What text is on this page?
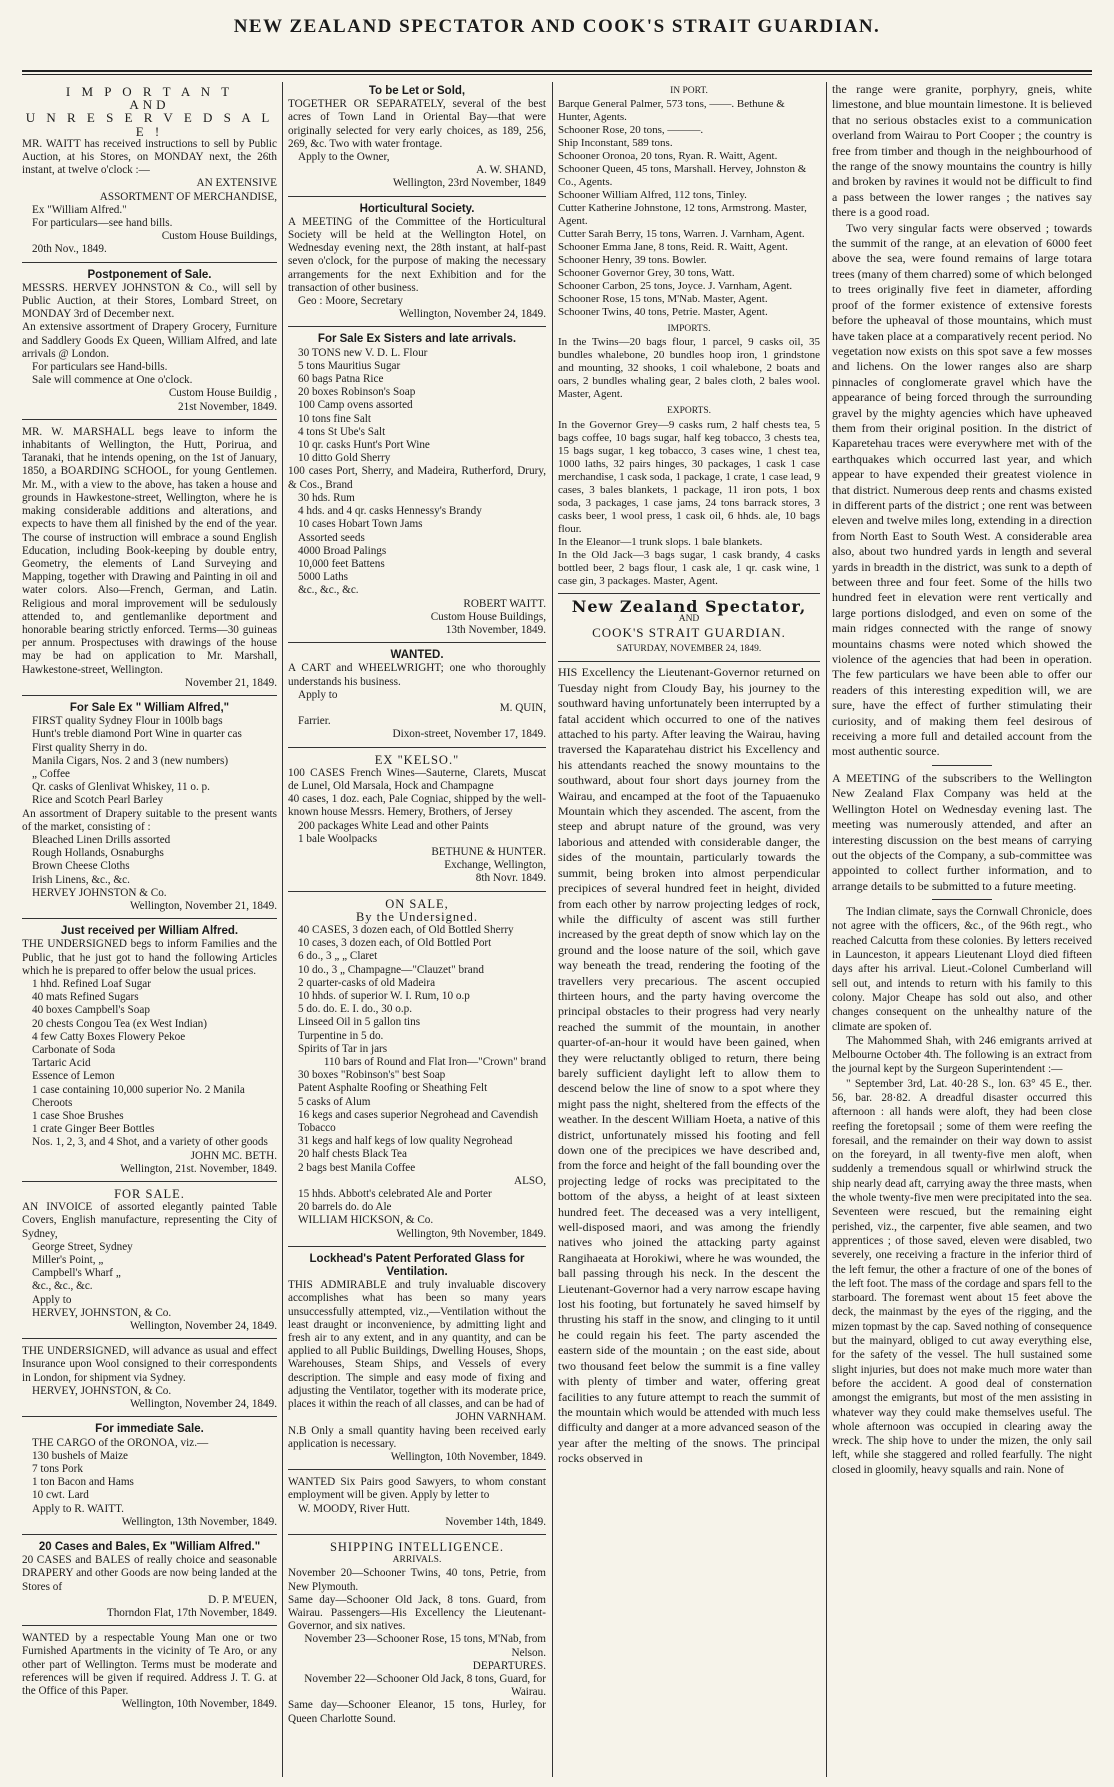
NEW ZEALAND SPECTATOR AND COOK'S STRAIT GUARDIAN.
I M P O R T A N T
AND
U N R E S E R V E D S A L E !

MR. WAITT has received instructions to sell by Public Auction, at his Stores, on MONDAY next, the 26th instant, at twelve o'clock :—

AN EXTENSIVE

ASSORTMENT OF MERCHANDISE,

Ex "William Alfred."

For particulars—see hand bills.

Custom House Buildings,

20th Nov., 1849.

Postponement of Sale.

MESSRS. HERVEY JOHNSTON & Co., will sell by Public Auction, at their Stores, Lombard Street, on MONDAY 3rd of December next.

An extensive assortment of Drapery Grocery, Furniture and Saddlery Goods Ex Queen, William Alfred, and late arrivals @ London.

For particulars see Hand-bills.

Sale will commence at One o'clock.

Custom House Buildig ,

21st November, 1849.

MR. W. MARSHALL begs leave to inform the inhabitants of Wellington, the Hutt, Porirua, and Taranaki, that he intends opening, on the 1st of January, 1850, a BOARDING SCHOOL, for young Gentlemen. Mr. M., with a view to the above, has taken a house and grounds in Hawkestone-street, Wellington, where he is making considerable additions and alterations, and expects to have them all finished by the end of the year. The course of instruction will embrace a sound English Education, including Book-keeping by double entry, Geometry, the elements of Land Surveying and Mapping, together with Drawing and Painting in oil and water colors. Also—French, German, and Latin. Religious and moral improvement will be sedulously attended to, and gentlemanlike deportment and honorable bearing strictly enforced. Terms—30 guineas per annum. Prospectuses with drawings of the house may be had on application to Mr. Marshall, Hawkestone-street, Wellington.

November 21, 1849.

For Sale Ex " William Alfred,"

FIRST quality Sydney Flour in 100lb bags

Hunt's treble diamond Port Wine in quarter cas

First quality Sherry in do.

Manila Cigars, Nos. 2 and 3 (new numbers)

„ Coffee

Qr. casks of Glenlivat Whiskey, 11 o. p.

Rice and Scotch Pearl Barley

An assortment of Drapery suitable to the present wants of the market, consisting of :

Bleached Linen Drills assorted

Rough Hollands, Osnaburghs

Brown Cheese Cloths

Irish Linens, &c., &c.

HERVEY JOHNSTON & Co.

Wellington, November 21, 1849.

Just received per William Alfred.

THE UNDERSIGNED begs to inform Families and the Public, that he just got to hand the following Articles which he is prepared to offer below the usual prices.

1 hhd. Refined Loaf Sugar

40 mats Refined Sugars

40 boxes Campbell's Soap

20 chests Congou Tea (ex West Indian)

4 few Catty Boxes Flowery Pekoe

Carbonate of Soda

Tartaric Acid

Essence of Lemon

1 case containing 10,000 superior No. 2 Manila Cheroots

1 case Shoe Brushes

1 crate Ginger Beer Bottles

Nos. 1, 2, 3, and 4 Shot, and a variety of other goods

JOHN MC. BETH.

Wellington, 21st. November, 1849.

FOR SALE.

AN INVOICE of assorted elegantly painted Table Covers, English manufacture, representing the City of Sydney,

George Street, Sydney

Miller's Point, „

Campbell's Wharf „

&c., &c., &c.

Apply to

HERVEY, JOHNSTON, & Co.

Wellington, November 24, 1849.

THE UNDERSIGNED, will advance as usual and effect Insurance upon Wool consigned to their correspondents in London, for shipment via Sydney.

HERVEY, JOHNSTON, & Co.

Wellington, November 24, 1849.

For immediate Sale.

THE CARGO of the ORONOA, viz.—

130 bushels of Maize

7 tons Pork

1 ton Bacon and Hams

10 cwt. Lard

Apply to R. WAITT.

Wellington, 13th November, 1849.

20 Cases and Bales, Ex "William Alfred."

20 CASES and BALES of really choice and seasonable DRAPERY and other Goods are now being landed at the Stores of

D. P. M'EUEN,

Thorndon Flat, 17th November, 1849.

WANTED by a respectable Young Man one or two Furnished Apartments in the vicinity of Te Aro, or any other part of Wellington. Terms must be moderate and references will be given if required. Address J. T. G. at the Office of this Paper.

Wellington, 10th November, 1849.

To be Let or Sold,

TOGETHER OR SEPARATELY, several of the best acres of Town Land in Oriental Bay—that were originally selected for very early choices, as 189, 256, 269, &c. Two with water frontage.

Apply to the Owner,

A. W. SHAND,

Wellington, 23rd November, 1849

Horticultural Society.

A MEETING of the Committee of the Horticultural Society will be held at the Wellington Hotel, on Wednesday evening next, the 28th instant, at half-past seven o'clock, for the purpose of making the necessary arrangements for the next Exhibition and for the transaction of other business.

Geo : Moore, Secretary

Wellington, November 24, 1849.

For Sale Ex Sisters and late arrivals.

30 TONS new V. D. L. Flour

5 tons Mauritius Sugar

60 bags Patna Rice

20 boxes Robinson's Soap

100 Camp ovens assorted

10 tons fine Salt

4 tons St Ube's Salt

10 qr. casks Hunt's Port Wine

10 ditto Gold Sherry

100 cases Port, Sherry, and Madeira, Rutherford, Drury, & Cos., Brand

30 hds. Rum

4 hds. and 4 qr. casks Hennessy's Brandy

10 cases Hobart Town Jams

Assorted seeds

4000 Broad Palings

10,000 feet Battens

5000 Laths

&c., &c., &c.

ROBERT WAITT.

Custom House Buildings,

13th November, 1849.

WANTED.

A CART and WHEELWRIGHT; one who thoroughly understands his business.

Apply to

M. QUIN,

Farrier.

Dixon-street, November 17, 1849.

EX "KELSO."

100 CASES French Wines—Sauterne, Clarets, Muscat de Lunel, Old Marsala, Hock and Champagne

40 cases, 1 doz. each, Pale Cogniac, shipped by the well-known house Messrs. Hemery, Brothers, of Jersey

200 packages White Lead and other Paints

1 bale Woolpacks

BETHUNE & HUNTER.

Exchange, Wellington,

8th Novr. 1849.

ON SALE,
By the Undersigned.

40 CASES, 3 dozen each, of Old Bottled Sherry

10 cases, 3 dozen each, of Old Bottled Port

6 do., 3 „ „ Claret

10 do., 3 „ Champagne—"Clauzet" brand

2 quarter-casks of old Madeira

10 hhds. of superior W. I. Rum, 10 o.p

5 do. do. E. I. do., 30 o.p.

Linseed Oil in 5 gallon tins

Turpentine in 5 do.

Spirits of Tar in jars

110 bars of Round and Flat Iron—"Crown" brand

30 boxes "Robinson's" best Soap

Patent Asphalte Roofing or Sheathing Felt

5 casks of Alum

16 kegs and cases superior Negrohead and Cavendish Tobacco

31 kegs and half kegs of low quality Negrohead

20 half chests Black Tea

2 bags best Manila Coffee

ALSO,

15 hhds. Abbott's celebrated Ale and Porter

20 barrels do. do Ale

WILLIAM HICKSON, & Co.

Wellington, 9th November, 1849.

Lockhead's Patent Perforated Glass for Ventilation.

THIS ADMIRABLE and truly invaluable discovery accomplishes what has been so many years unsuccessfully attempted, viz.,—Ventilation without the least draught or inconvenience, by admitting light and fresh air to any extent, and in any quantity, and can be applied to all Public Buildings, Dwelling Houses, Shops, Warehouses, Steam Ships, and Vessels of every description. The simple and easy mode of fixing and adjusting the Ventilator, together with its moderate price, places it within the reach of all classes, and can be had of

JOHN VARNHAM.

N.B Only a small quantity having been received early application is necessary.

Wellington, 10th November, 1849.

WANTED Six Pairs good Sawyers, to whom constant employment will be given. Apply by letter to

W. MOODY, River Hutt.

November 14th, 1849.

SHIPPING INTELLIGENCE.
ARRIVALS.

November 20—Schooner Twins, 40 tons, Petrie, from New Plymouth.

Same day—Schooner Old Jack, 8 tons. Guard, from Wairau. Passengers—His Excellency the Lieutenant-Governor, and six natives.

November 23—Schooner Rose, 15 tons, M'Nab, from Nelson.

DEPARTURES.

November 22—Schooner Old Jack, 8 tons, Guard, for Wairau.

Same day—Schooner Eleanor, 15 tons, Hurley, for Queen Charlotte Sound.

IN PORT.

Barque General Palmer, 573 tons, ——. Bethune & Hunter, Agents.

Schooner Rose, 20 tons, ———.

Ship Inconstant, 589 tons.

Schooner Oronoa, 20 tons, Ryan. R. Waitt, Agent.

Schooner Queen, 45 tons, Marshall. Hervey, Johnston & Co., Agents.

Schooner William Alfred, 112 tons, Tinley.

Cutter Katherine Johnstone, 12 tons, Armstrong. Master, Agent.

Cutter Sarah Berry, 15 tons, Warren. J. Varnham, Agent.

Schooner Emma Jane, 8 tons, Reid. R. Waitt, Agent.

Schooner Henry, 39 tons. Bowler.

Schooner Governor Grey, 30 tons, Watt.

Schooner Carbon, 25 tons, Joyce. J. Varnham, Agent.

Schooner Rose, 15 tons, M'Nab. Master, Agent.

Schooner Twins, 40 tons, Petrie. Master, Agent.

IMPORTS.

In the Twins—20 bags flour, 1 parcel, 9 casks oil, 35 bundles whalebone, 20 bundles hoop iron, 1 grindstone and mounting, 32 shooks, 1 coil whalebone, 2 boats and oars, 2 bundles whaling gear, 2 bales cloth, 2 bales wool. Master, Agent.

EXPORTS.

In the Governor Grey—9 casks rum, 2 half chests tea, 5 bags coffee, 10 bags sugar, half keg tobacco, 3 chests tea, 15 bags sugar, 1 keg tobacco, 3 cases wine, 1 chest tea, 1000 laths, 32 pairs hinges, 30 packages, 1 cask 1 case merchandise, 1 cask soda, 1 package, 1 crate, 1 case lead, 9 cases, 3 bales blankets, 1 package, 11 iron pots, 1 box soda, 3 packages, 1 case jams, 24 tons barrack stores, 3 casks beer, 1 wool press, 1 cask oil, 6 hhds. ale, 10 bags flour.

In the Eleanor—1 trunk slops. 1 bale blankets.

In the Old Jack—3 bags sugar, 1 cask brandy, 4 casks bottled beer, 2 bags flour, 1 cask ale, 1 qr. cask wine, 1 case gin, 3 packages. Master, Agent.

New Zealand Spectator,
AND
COOK'S STRAIT GUARDIAN.
SATURDAY, NOVEMBER 24, 1849.

HIS Excellency the Lieutenant-Governor returned on Tuesday night from Cloudy Bay, his journey to the southward having unfortunately been interrupted by a fatal accident which occurred to one of the natives attached to his party. After leaving the Wairau, having traversed the Kaparatehau district his Excellency and his attendants reached the snowy mountains to the southward, about four short days journey from the Wairau, and encamped at the foot of the Tapuaenuko Mountain which they ascended. The ascent, from the steep and abrupt nature of the ground, was very laborious and attended with considerable danger, the sides of the mountain, particularly towards the summit, being broken into almost perpendicular precipices of several hundred feet in height, divided from each other by narrow projecting ledges of rock, while the difficulty of ascent was still further increased by the great depth of snow which lay on the ground and the loose nature of the soil, which gave way beneath the tread, rendering the footing of the travellers very precarious. The ascent occupied thirteen hours, and the party having overcome the principal obstacles to their progress had very nearly reached the summit of the mountain, in another quarter-of-an-hour it would have been gained, when they were reluctantly obliged to return, there being barely sufficient daylight left to allow them to descend below the line of snow to a spot where they might pass the night, sheltered from the effects of the weather. In the descent William Hoeta, a native of this district, unfortunately missed his footing and fell down one of the precipices we have described and, from the force and height of the fall bounding over the projecting ledge of rocks was precipitated to the bottom of the abyss, a height of at least sixteen hundred feet. The deceased was a very intelligent, well-disposed maori, and was among the friendly natives who joined the attacking party against Rangihaeata at Horokiwi, where he was wounded, the ball passing through his neck. In the descent the Lieutenant-Governor had a very narrow escape having lost his footing, but fortunately he saved himself by thrusting his staff in the snow, and clinging to it until he could regain his feet. The party ascended the eastern side of the mountain ; on the east side, about two thousand feet below the summit is a fine valley with plenty of timber and water, offering great facilities to any future attempt to reach the summit of the mountain which would be attended with much less difficulty and danger at a more advanced season of the year after the melting of the snows. The principal rocks observed in

the range were granite, porphyry, gneis, white limestone, and blue mountain limestone. It is believed that no serious obstacles exist to a communication overland from Wairau to Port Cooper ; the country is free from timber and though in the neighbourhood of the range of the snowy mountains the country is hilly and broken by ravines it would not be difficult to find a pass between the lower ranges ; the natives say there is a good road.

Two very singular facts were observed ; towards the summit of the range, at an elevation of 6000 feet above the sea, were found remains of large totara trees (many of them charred) some of which belonged to trees originally five feet in diameter, affording proof of the former existence of extensive forests before the upheaval of those mountains, which must have taken place at a comparatively recent period. No vegetation now exists on this spot save a few mosses and lichens. On the lower ranges also are sharp pinnacles of conglomerate gravel which have the appearance of being forced through the surrounding gravel by the mighty agencies which have upheaved them from their original position. In the district of Kaparetehau traces were everywhere met with of the earthquakes which occurred last year, and which appear to have expended their greatest violence in that district. Numerous deep rents and chasms existed in different parts of the district ; one rent was between eleven and twelve miles long, extending in a direction from North East to South West. A considerable area also, about two hundred yards in length and several yards in breadth in the district, was sunk to a depth of between three and four feet. Some of the hills two hundred feet in elevation were rent vertically and large portions dislodged, and even on some of the main ridges connected with the range of snowy mountains chasms were noted which showed the violence of the agencies that had been in operation. The few particulars we have been able to offer our readers of this interesting expedition will, we are sure, have the effect of further stimulating their curiosity, and of making them feel desirous of receiving a more full and detailed account from the most authentic source.

A MEETING of the subscribers to the Wellington New Zealand Flax Company was held at the Wellington Hotel on Wednesday evening last. The meeting was numerously attended, and after an interesting discussion on the best means of carrying out the objects of the Company, a sub-committee was appointed to collect further information, and to arrange details to be submitted to a future meeting.

The Indian climate, says the Cornwall Chronicle, does not agree with the officers, &c., of the 96th regt., who reached Calcutta from these colonies. By letters received in Launceston, it appears Lieutenant Lloyd died fifteen days after his arrival. Lieut.-Colonel Cumberland will sell out, and intends to return with his family to this colony. Major Cheape has sold out also, and other changes consequent on the unhealthy nature of the climate are spoken of.

The Mahommed Shah, with 246 emigrants arrived at Melbourne October 4th. The following is an extract from the journal kept by the Surgeon Superintendent :—

" September 3rd, Lat. 40·28 S., lon. 63° 45 E., ther. 56, bar. 28·82. A dreadful disaster occurred this afternoon : all hands were aloft, they had been close reefing the foretopsail ; some of them were reefing the foresail, and the remainder on their way down to assist on the foreyard, in all twenty-five men aloft, when suddenly a tremendous squall or whirlwind struck the ship nearly dead aft, carrying away the three masts, when the whole twenty-five men were precipitated into the sea. Seventeen were rescued, but the remaining eight perished, viz., the carpenter, five able seamen, and two apprentices ; of those saved, eleven were disabled, two severely, one receiving a fracture in the inferior third of the left femur, the other a fracture of one of the bones of the left foot. The mass of the cordage and spars fell to the starboard. The foremast went about 15 feet above the deck, the mainmast by the eyes of the rigging, and the mizen topmast by the cap. Saved nothing of consequence but the mainyard, obliged to cut away everything else, for the safety of the vessel. The hull sustained some slight injuries, but does not make much more water than before the accident. A good deal of consternation amongst the emigrants, but most of the men assisting in whatever way they could make themselves useful. The whole afternoon was occupied in clearing away the wreck. The ship hove to under the mizen, the only sail left, while she staggered and rolled fearfully. The night closed in gloomily, heavy squalls and rain. None of
